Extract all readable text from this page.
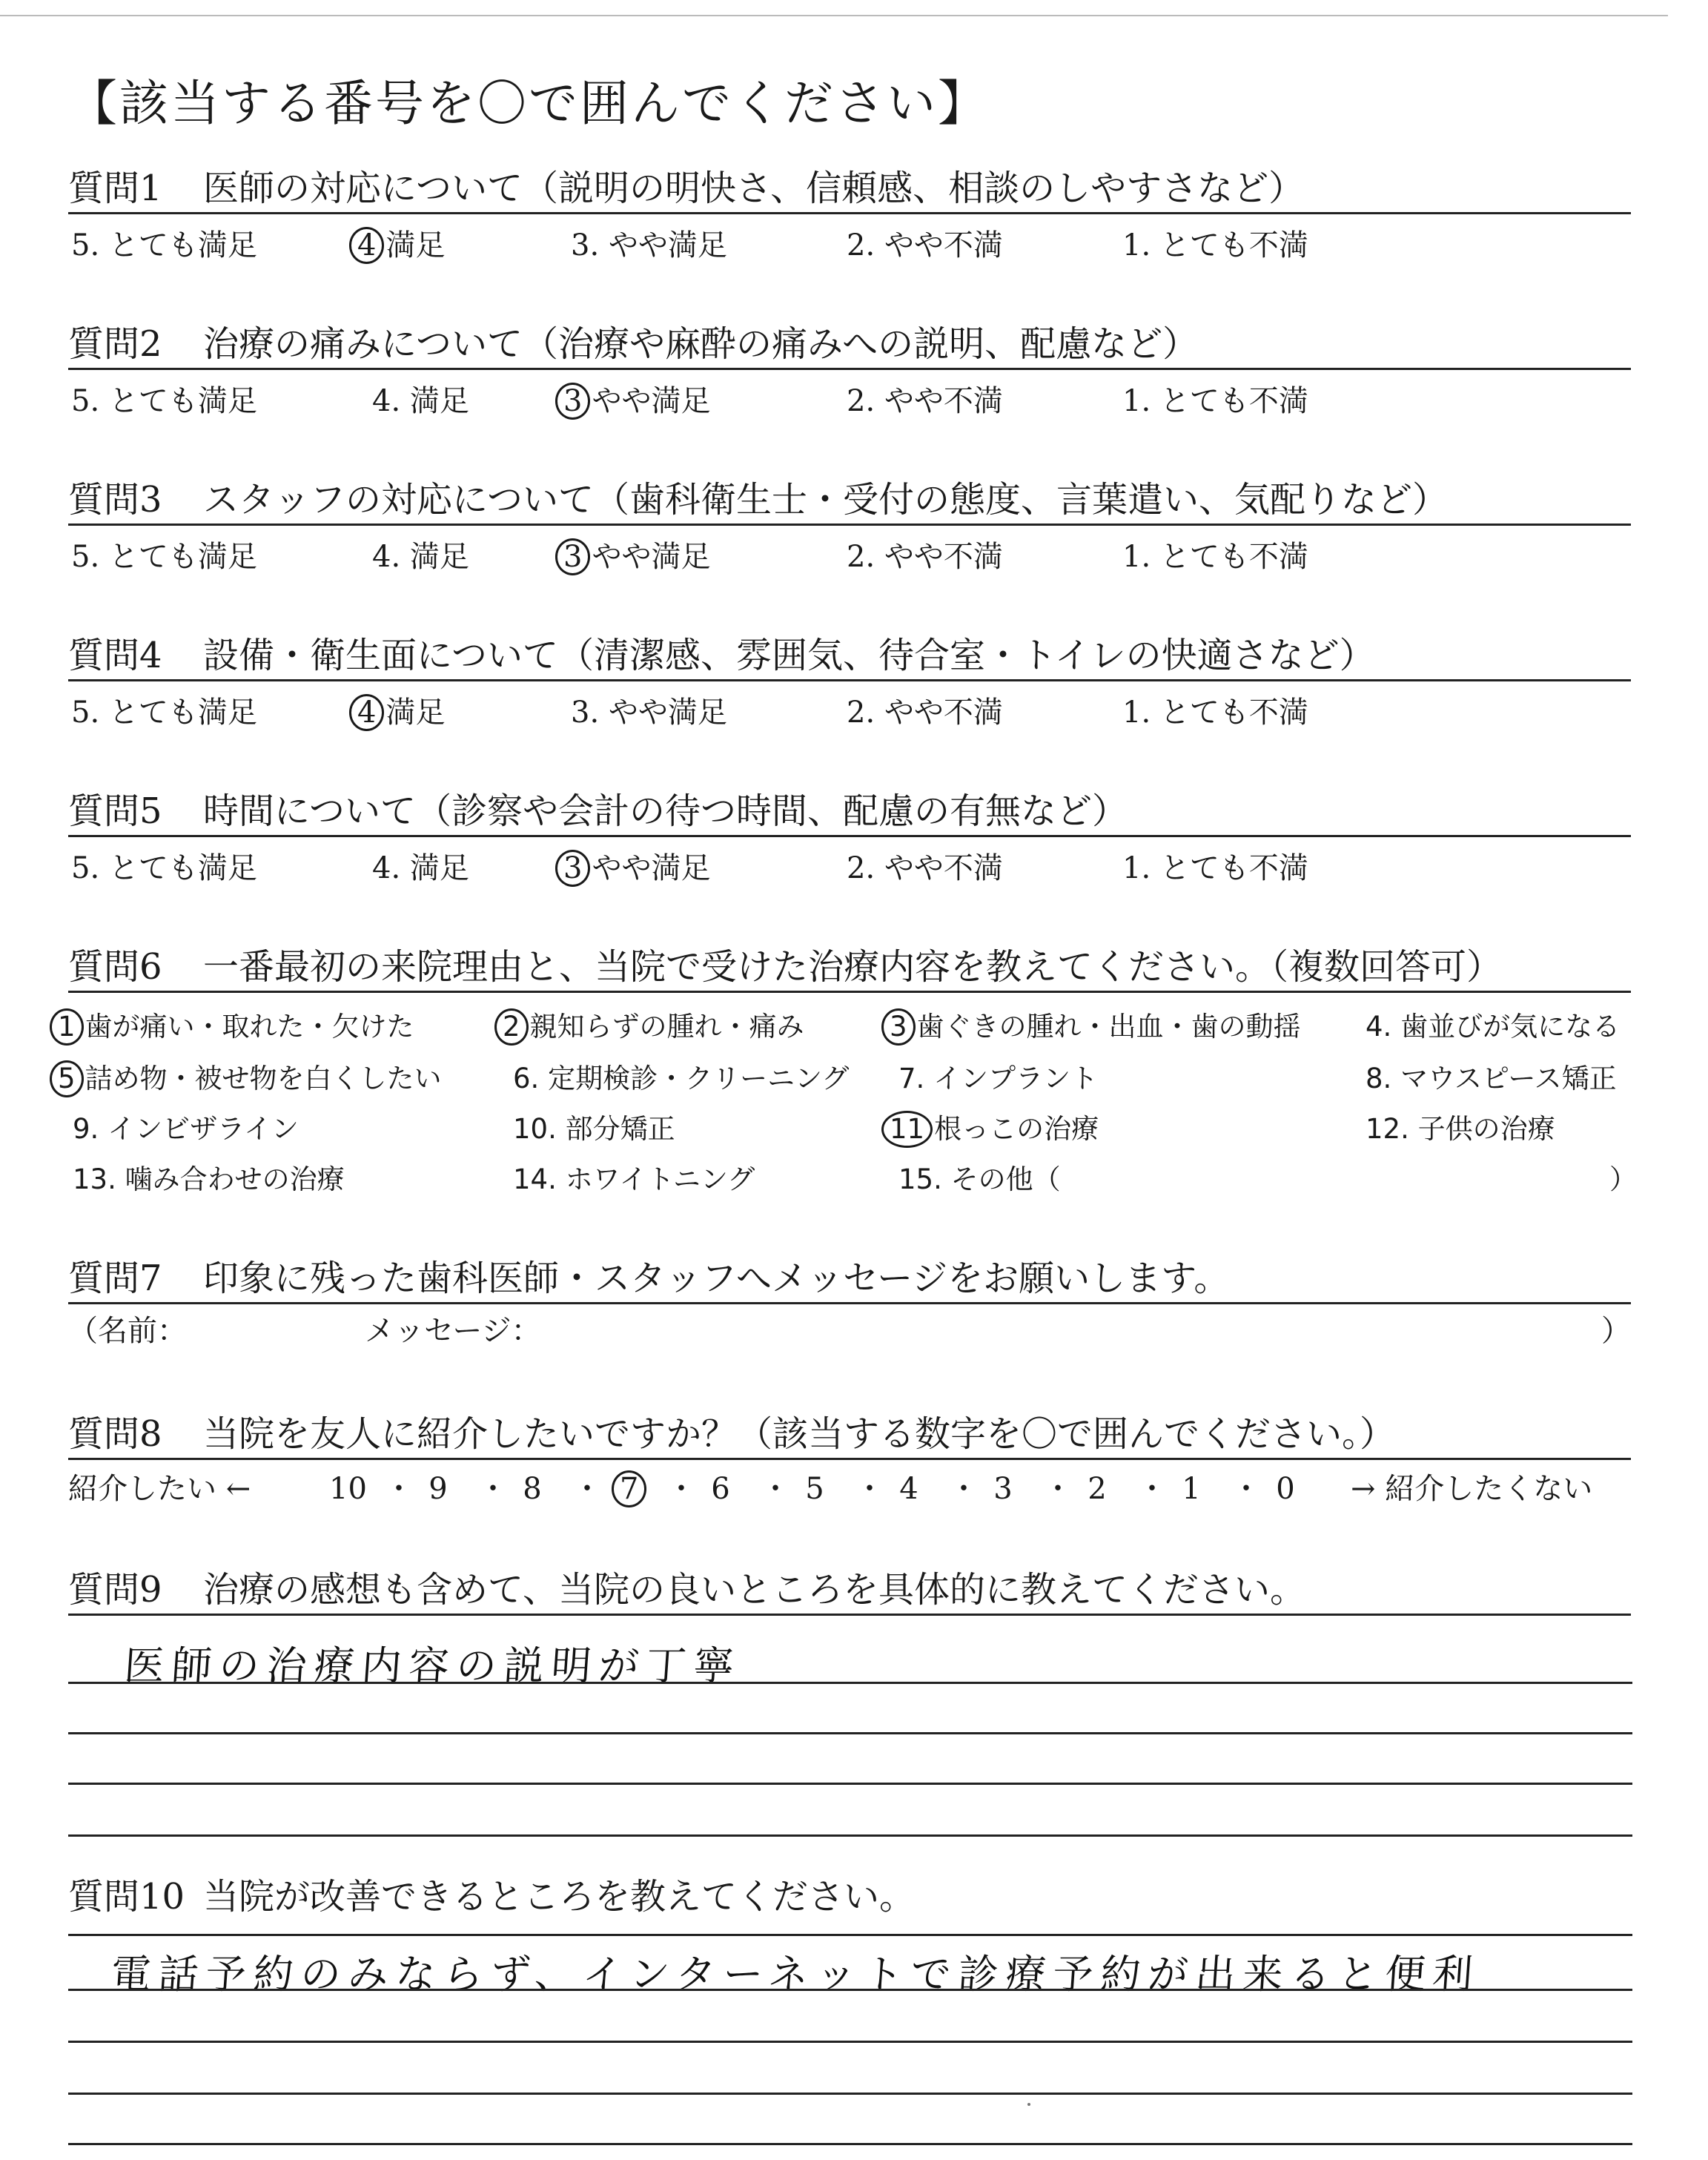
【該当する番号を〇で囲んでください】
質問1 医師の対応について（説明の明快さ、信頼感、相談のしやすさなど）
5. とても満足	4 満足	3. やや満足	2. やや不満	1. とても不満
質問2 治療の痛みについて（治療や麻酔の痛みへの説明、配慮など）
5. とても満足	4. 満足	3 やや満足	2. やや不満	1. とても不満
質問3 スタッフの対応について（歯科衛生士・受付の態度、言葉遣い、気配りなど）
5. とても満足	4. 満足	3 やや満足	2. やや不満	1. とても不満
質問4 設備・衛生面について（清潔感、雰囲気、待合室・トイレの快適さなど）
5. とても満足	4 満足	3. やや満足	2. やや不満	1. とても不満
質問5 時間について（診察や会計の待つ時間、配慮の有無など）
5. とても満足	4. 満足	3 やや満足	2. やや不満	1. とても不満
質問6 一番最初の来院理由と、当院で受けた治療内容を教えてください。（複数回答可）
1 歯が痛い・取れた・欠けた	2 親知らずの腫れ・痛み	3 歯ぐきの腫れ・出血・歯の動揺 4. 歯並びが気になる
5 詰め物・被せ物を白くしたい	6. 定期検診・クリーニング 7. インプラント	8. マウスピース矯正
9. インビザライン	10. 部分矯正	11 根っこの治療	12. 子供の治療
13. 噛み合わせの治療	14. ホワイトニング	15. その他（	）
質問7 印象に残った歯科医師・スタッフへメッセージをお願いします。
（名前：	メッセージ：	）
質問8 当院を友人に紹介したいですか？（該当する数字を〇で囲んでください。）
紹介したい ←	→ 紹介したくない
10 ・ 9 ・ 8 ・ 7 ・ 6 ・ 5 ・ 4 ・ 3 ・ 2 ・ 1 ・ 0
質問9 治療の感想も含めて、当院の良いところを具体的に教えてください。
医師の治療内容の説明が丁寧
質問10 当院が改善できるところを教えてください。
電話予約のみならず、インターネットで診療予約が出来ると便利
